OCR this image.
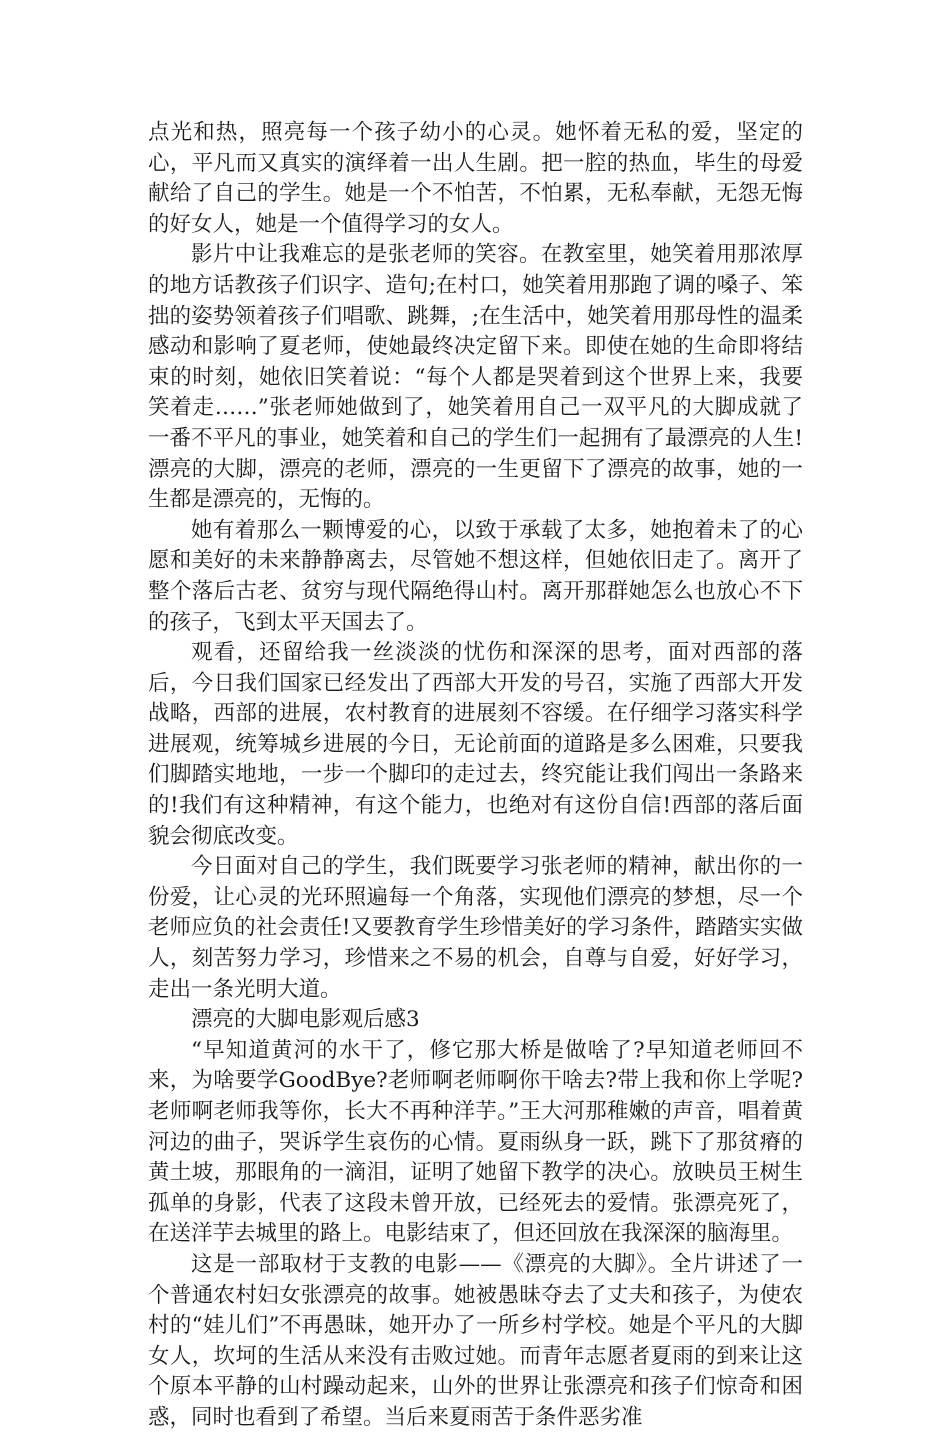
点光和热，照亮每一个孩子幼小的心灵。她怀着无私的爱，坚定的心，平凡而又真实的演绎着一出人生剧。把一腔的热血，毕生的母爱献给了自己的学生。她是一个不怕苦，不怕累，无私奉献，无怨无悔的好女人，她是一个值得学习的女人。

影片中让我难忘的是张老师的笑容。在教室里，她笑着用那浓厚的地方话教孩子们识字、造句;在村口，她笑着用那跑了调的嗓子、笨拙的姿势领着孩子们唱歌、跳舞，;在生活中，她笑着用那母性的温柔感动和影响了夏老师，使她最终决定留下来。即使在她的生命即将结束的时刻，她依旧笑着说：“每个人都是哭着到这个世界上来，我要笑着走……”张老师她做到了，她笑着用自己一双平凡的大脚成就了一番不平凡的事业，她笑着和自己的学生们一起拥有了最漂亮的人生!漂亮的大脚，漂亮的老师，漂亮的一生更留下了漂亮的故事，她的一生都是漂亮的，无悔的。

她有着那么一颗博爱的心，以致于承载了太多，她抱着未了的心愿和美好的未来静静离去，尽管她不想这样，但她依旧走了。离开了整个落后古老、贫穷与现代隔绝得山村。离开那群她怎么也放心不下的孩子，飞到太平天国去了。

观看，还留给我一丝淡淡的忧伤和深深的思考，面对西部的落后，今日我们国家已经发出了西部大开发的号召，实施了西部大开发战略，西部的进展，农村教育的进展刻不容缓。在仔细学习落实科学进展观，统筹城乡进展的今日，无论前面的道路是多么困难，只要我们脚踏实地地，一步一个脚印的走过去，终究能让我们闯出一条路来的!我们有这种精神，有这个能力，也绝对有这份自信!西部的落后面貌会彻底改变。

今日面对自己的学生，我们既要学习张老师的精神，献出你的一份爱，让心灵的光环照遍每一个角落，实现他们漂亮的梦想，尽一个老师应负的社会责任!又要教育学生珍惜美好的学习条件，踏踏实实做人，刻苦努力学习，珍惜来之不易的机会，自尊与自爱，好好学习，走出一条光明大道。

漂亮的大脚电影观后感3

“早知道黄河的水干了，修它那大桥是做啥了?早知道老师回不来，为啥要学GoodBye?老师啊老师啊你干啥去?带上我和你上学呢?老师啊老师我等你，长大不再种洋芋。”王大河那稚嫩的声音，唱着黄河边的曲子，哭诉学生哀伤的心情。夏雨纵身一跃，跳下了那贫瘠的黄土坡，那眼角的一滴泪，证明了她留下教学的决心。放映员王树生孤单的身影，代表了这段未曾开放，已经死去的爱情。张漂亮死了，在送洋芋去城里的路上。电影结束了，但还回放在我深深的脑海里。

这是一部取材于支教的电影——《漂亮的大脚》。全片讲述了一个普通农村妇女张漂亮的故事。她被愚昧夺去了丈夫和孩子，为使农村的“娃儿们”不再愚昧，她开办了一所乡村学校。她是个平凡的大脚女人，坎坷的生活从来没有击败过她。而青年志愿者夏雨的到来让这个原本平静的山村躁动起来，山外的世界让张漂亮和孩子们惊奇和困惑，同时也看到了希望。当后来夏雨苦于条件恶劣准
